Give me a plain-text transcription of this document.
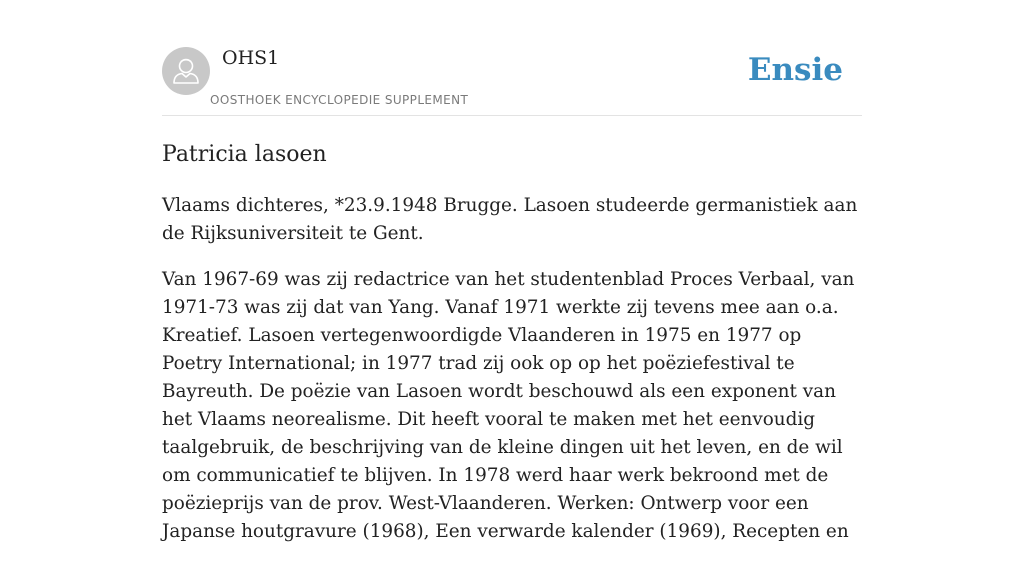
OHS1
OOSTHOEK ENCYCLOPEDIE SUPPLEMENT
Ensie
Patricia lasoen

Vlaams dichteres, *23.9.1948 Brugge. Lasoen studeerde germanistiek aan de Rijksuniversiteit te Gent.

Van 1967-69 was zij redactrice van het studentenblad Proces Verbaal, van 1971-73 was zij dat van Yang. Vanaf 1971 werkte zij tevens mee aan o.a. Kreatief. Lasoen vertegenwoordigde Vlaanderen in 1975 en 1977 op Poetry International; in 1977 trad zij ook op op het poëziefestival te Bayreuth. De poëzie van Lasoen wordt beschouwd als een exponent van het Vlaams neorealisme. Dit heeft vooral te maken met het eenvoudig taalgebruik, de beschrijving van de kleine dingen uit het leven, en de wil om communicatief te blijven. In 1978 werd haar werk bekroond met de poëzieprijs van de prov. West-Vlaanderen. Werken: Ontwerp voor een Japanse houtgravure (1968), Een verwarde kalender (1969), Recepten en
